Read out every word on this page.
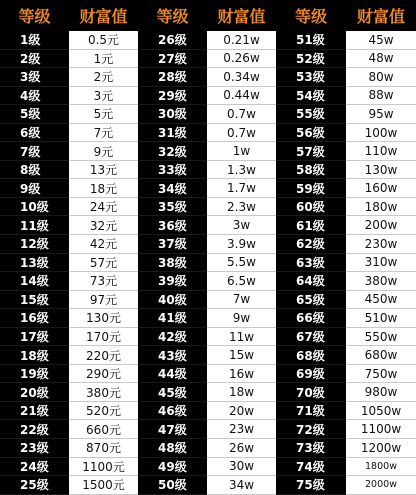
等级	财富值	等级	财富值	等级	财富值
1级	0.5元	26级	0.21w	51级	45w
2级	1元	27级	0.26w	52级	48w
3级	2元	28级	0.34w	53级	80w
4级	3元	29级	0.44w	54级	88w
5级	5元	30级	0.7w	55级	95w
6级	7元	31级	0.7w	56级	100w
7级	9元	32级	1w	57级	110w
8级	13元	33级	1.3w	58级	130w
9级	18元	34级	1.7w	59级	160w
10级	24元	35级	2.3w	60级	180w
11级	32元	36级	3w	61级	200w
12级	42元	37级	3.9w	62级	230w
13级	57元	38级	5.5w	63级	310w
14级	73元	39级	6.5w	64级	380w
15级	97元	40级	7w	65级	450w
16级	130元	41级	9w	66级	510w
17级	170元	42级	11w	67级	550w
18级	220元	43级	15w	68级	680w
19级	290元	44级	16w	69级	750w
20级	380元	45级	18w	70级	980w
21级	520元	46级	20w	71级	1050w
22级	660元	47级	23w	72级	1100w
23级	870元	48级	26w	73级	1200w
24级	1100元	49级	30w	74级	1800w
25级	1500元	50级	34w	75级	2000w
